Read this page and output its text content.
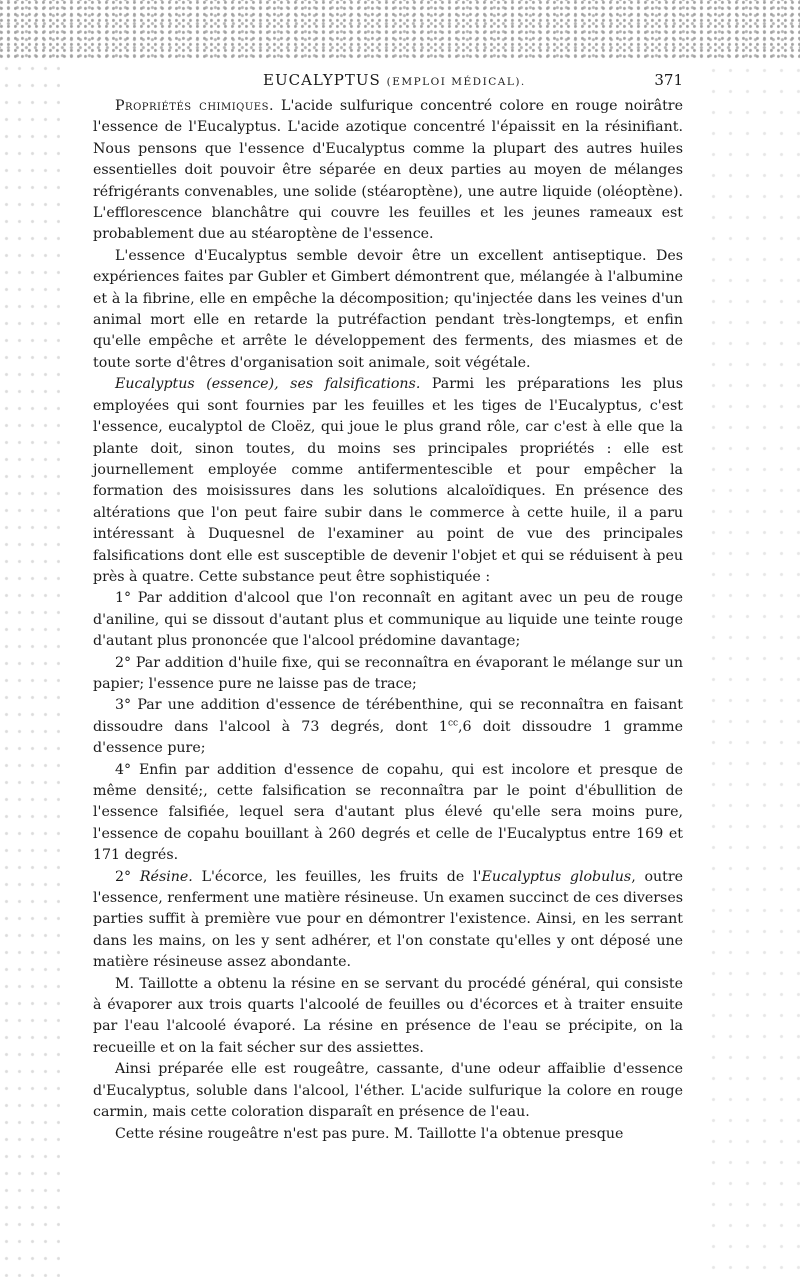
EUCALYPTUS (EMPLOI MÉDICAL).	371

Propriétés chimiques. L'acide sulfurique concentré colore en rouge noirâtre l'essence de l'Eucalyptus. L'acide azotique concentré l'épaissit en la résinifiant. Nous pensons que l'essence d'Eucalyptus comme la plupart des autres huiles essentielles doit pouvoir être séparée en deux parties au moyen de mélanges réfrigérants convenables, une solide (stéaroptène), une autre liquide (oléoptène). L'efflorescence blanchâtre qui couvre les feuilles et les jeunes rameaux est probablement due au stéaroptène de l'essence.

L'essence d'Eucalyptus semble devoir être un excellent antiseptique. Des expériences faites par Gubler et Gimbert démontrent que, mélangée à l'albumine et à la fibrine, elle en empêche la décomposition; qu'injectée dans les veines d'un animal mort elle en retarde la putréfaction pendant très-longtemps, et enfin qu'elle empêche et arrête le développement des ferments, des miasmes et de toute sorte d'êtres d'organisation soit animale, soit végétale.

Eucalyptus (essence), ses falsifications. Parmi les préparations les plus employées qui sont fournies par les feuilles et les tiges de l'Eucalyptus, c'est l'essence, eucalyptol de Cloëz, qui joue le plus grand rôle, car c'est à elle que la plante doit, sinon toutes, du moins ses principales propriétés : elle est journellement employée comme antifermentescible et pour empêcher la formation des moisissures dans les solutions alcaloïdiques. En présence des altérations que l'on peut faire subir dans le commerce à cette huile, il a paru intéressant à Duquesnel de l'examiner au point de vue des principales falsifications dont elle est susceptible de devenir l'objet et qui se réduisent à peu près à quatre. Cette substance peut être sophistiquée :

1° Par addition d'alcool que l'on reconnaît en agitant avec un peu de rouge d'aniline, qui se dissout d'autant plus et communique au liquide une teinte rouge d'autant plus prononcée que l'alcool prédomine davantage;

2° Par addition d'huile fixe, qui se reconnaîtra en évaporant le mélange sur un papier; l'essence pure ne laisse pas de trace;

3° Par une addition d'essence de térébenthine, qui se reconnaîtra en faisant dissoudre dans l'alcool à 73 degrés, dont $1^{cc},6$ doit dissoudre 1 gramme d'essence pure;

4° Enfin par addition d'essence de copahu, qui est incolore et presque de même densité;, cette falsification se reconnaîtra par le point d'ébullition de l'essence falsifiée, lequel sera d'autant plus élevé qu'elle sera moins pure, l'essence de copahu bouillant à 260 degrés et celle de l'Eucalyptus entre 169 et 171 degrés.

2° Résine. L'écorce, les feuilles, les fruits de l'Eucalyptus globulus, outre l'essence, renferment une matière résineuse. Un examen succinct de ces diverses parties suffit à première vue pour en démontrer l'existence. Ainsi, en les serrant dans les mains, on les y sent adhérer, et l'on constate qu'elles y ont déposé une matière résineuse assez abondante.

M. Taillotte a obtenu la résine en se servant du procédé général, qui consiste à évaporer aux trois quarts l'alcoolé de feuilles ou d'écorces et à traiter ensuite par l'eau l'alcoolé évaporé. La résine en présence de l'eau se précipite, on la recueille et on la fait sécher sur des assiettes.

Ainsi préparée elle est rougeâtre, cassante, d'une odeur affaiblie d'essence d'Eucalyptus, soluble dans l'alcool, l'éther. L'acide sulfurique la colore en rouge carmin, mais cette coloration disparaît en présence de l'eau.

Cette résine rougeâtre n'est pas pure. M. Taillotte l'a obtenue presque
